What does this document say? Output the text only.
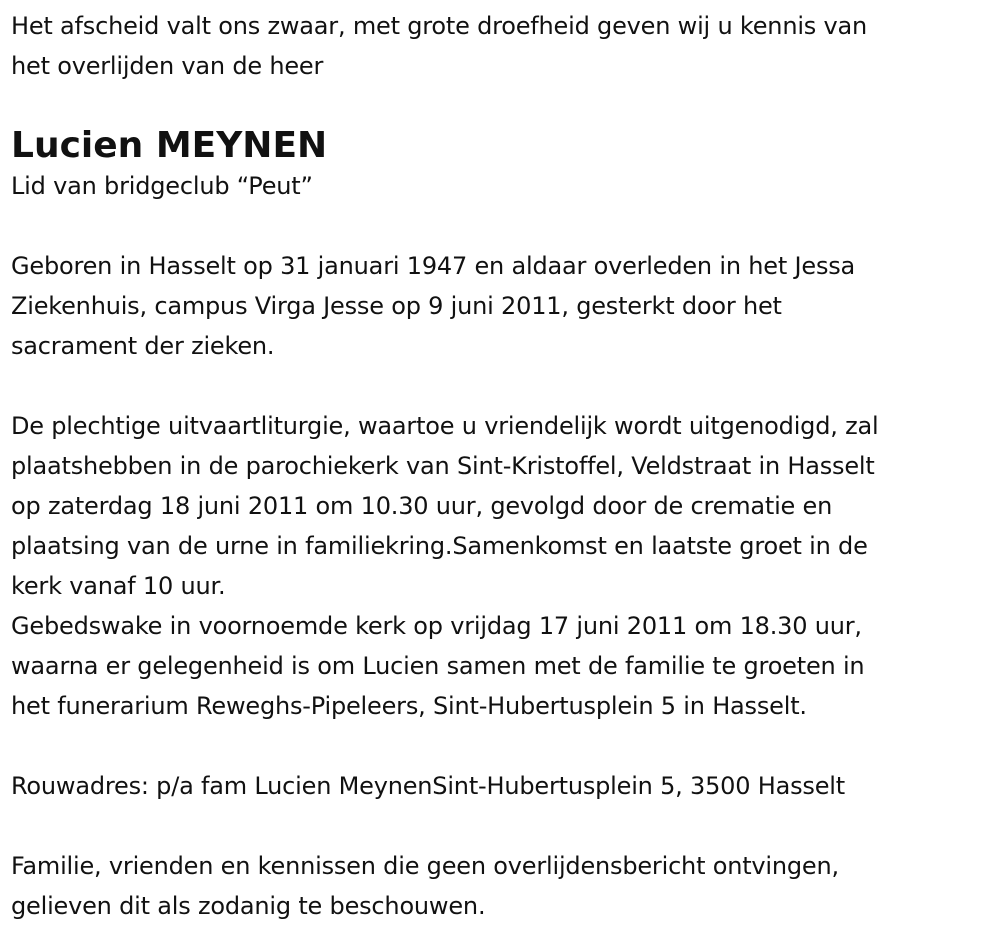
Het afscheid valt ons zwaar, met grote droefheid geven wij u kennis van
het overlijden van de heer

Lucien MEYNEN

Lid van bridgeclub “Peut”

Geboren in Hasselt op 31 januari 1947 en aldaar overleden in het Jessa
Ziekenhuis, campus Virga Jesse op 9 juni 2011, gesterkt door het
sacrament der zieken.

De plechtige uitvaartliturgie, waartoe u vriendelijk wordt uitgenodigd, zal
plaatshebben in de parochiekerk van Sint-Kristoffel, Veldstraat in Hasselt
op zaterdag 18 juni 2011 om 10.30 uur, gevolgd door de crematie en
plaatsing van de urne in familiekring.Samenkomst en laatste groet in de
kerk vanaf 10 uur.
Gebedswake in voornoemde kerk op vrijdag 17 juni 2011 om 18.30 uur,
waarna er gelegenheid is om Lucien samen met de familie te groeten in
het funerarium Reweghs-Pipeleers, Sint-Hubertusplein 5 in Hasselt.

Rouwadres: p/a fam Lucien MeynenSint-Hubertusplein 5, 3500 Hasselt

Familie, vrienden en kennissen die geen overlijdensbericht ontvingen,
gelieven dit als zodanig te beschouwen.
